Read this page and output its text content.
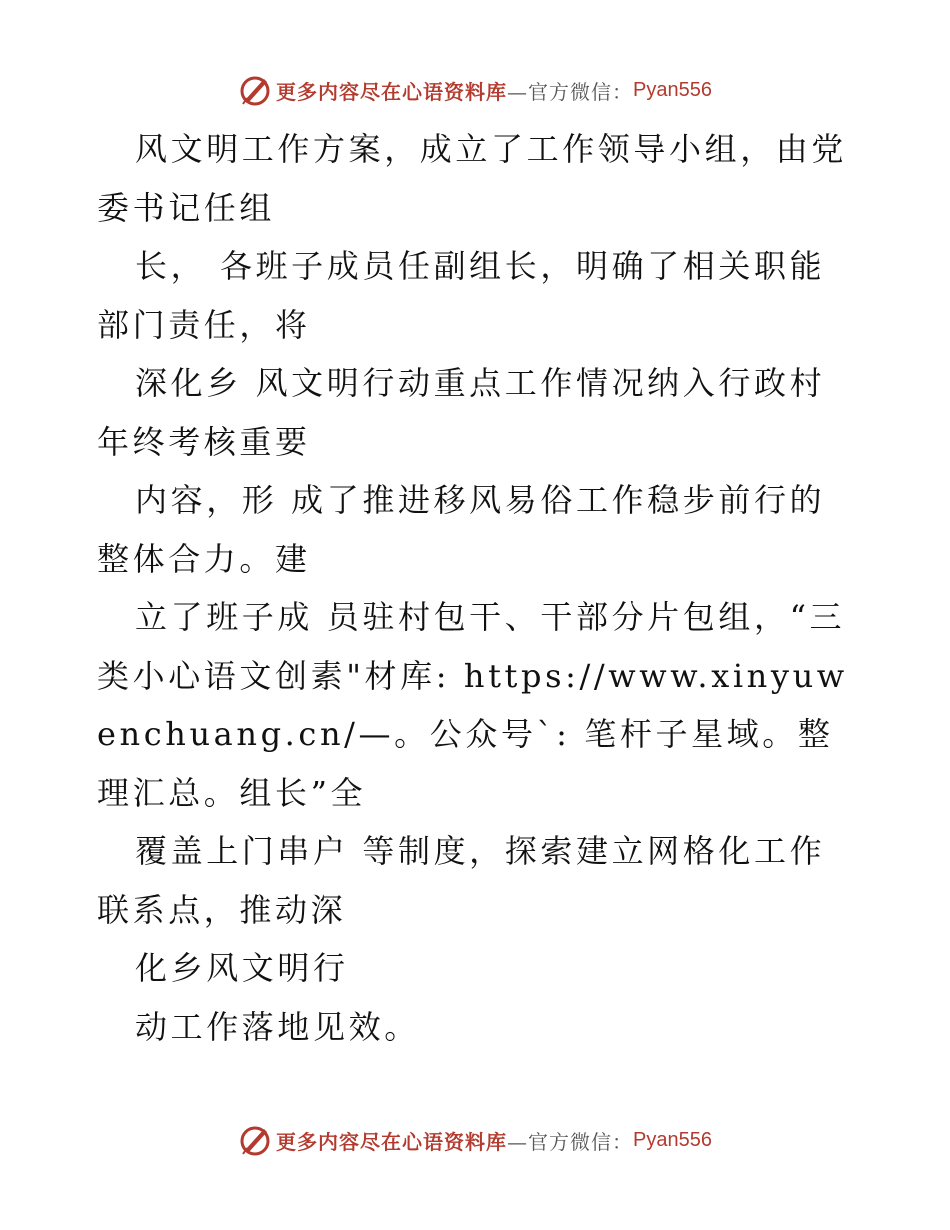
更多内容尽在心语资料库 —官方微信： Pyan556

风文明工作方案，成立了工作领导小组，由党委书记任组

长， 各班子成员任副组长，明确了相关职能部门责任，将

深化乡 风文明行动重点工作情况纳入行政村年终考核重要

内容，形 成了推进移风易俗工作稳步前行的整体合力。建

立了班子成 员驻村包干、干部分片包组，“三类小心语文创素"材库: https://www.xinyuwenchuang.cn/—。公众号`: 笔杆子星域。整理汇总。组长”全

覆盖上门串户 等制度，探索建立网格化工作联系点，推动深

化乡风文明行

动工作落地见效。

更多内容尽在心语资料库 —官方微信： Pyan556
